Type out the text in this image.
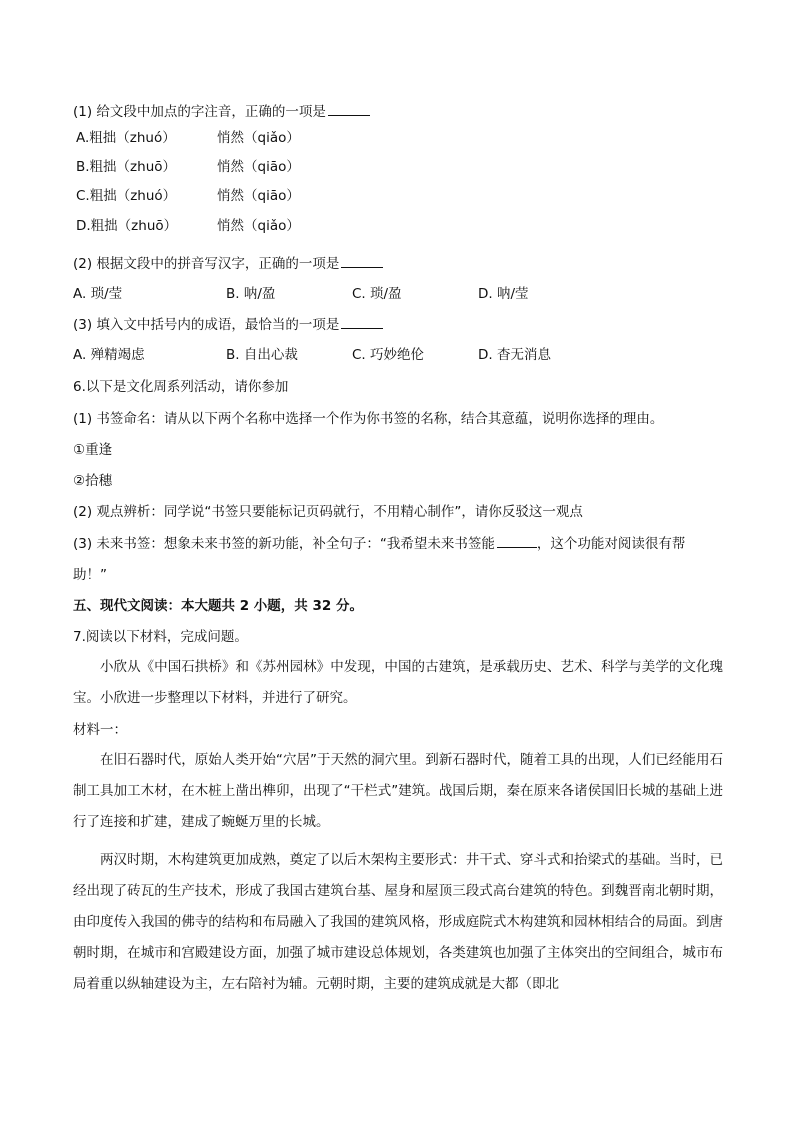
(1) 给文段中加点的字注音，正确的一项是
A.粗拙（zhuó）	悄然（qiǎo）
B.粗拙（zhuō）	悄然（qiāo）
C.粗拙（zhuó）	悄然（qiāo）
D.粗拙（zhuō）	悄然（qiǎo）
(2) 根据文段中的拼音写汉字，正确的一项是
A. 琐/莹	B. 呐/盈	C. 琐/盈	D. 呐/莹
(3) 填入文中括号内的成语，最恰当的一项是
A. 殚精竭虑	B. 自出心裁	C. 巧妙绝伦	D. 杳无消息
6.以下是文化周系列活动，请你参加
(1) 书签命名：请从以下两个名称中选择一个作为你书签的名称，结合其意蕴，说明你选择的理由。
①重逢
②拾穗
(2) 观点辨析：同学说“书签只要能标记页码就行，不用精心制作”，请你反驳这一观点
(3) 未来书签：想象未来书签的新功能，补全句子：“我希望未来书签能	，这个功能对阅读很有帮
助！”
五、现代文阅读：本大题共 2 小题，共 32 分。
7.阅读以下材料，完成问题。
小欣从《中国石拱桥》和《苏州园林》中发现，中国的古建筑，是承载历史、艺术、科学与美学的文化瑰宝。小欣进一步整理以下材料，并进行了研究。
材料一：
在旧石器时代，原始人类开始“穴居”于天然的洞穴里。到新石器时代，随着工具的出现，人们已经能用石制工具加工木材，在木桩上凿出榫卯，出现了“干栏式”建筑。战国后期，秦在原来各诸侯国旧长城的基础上进行了连接和扩建，建成了蜿蜒万里的长城。
两汉时期，木构建筑更加成熟，奠定了以后木架构主要形式：井干式、穿斗式和抬梁式的基础。当时，已经出现了砖瓦的生产技术，形成了我国古建筑台基、屋身和屋顶三段式高台建筑的特色。到魏晋南北朝时期，由印度传入我国的佛寺的结构和布局融入了我国的建筑风格，形成庭院式木构建筑和园林相结合的局面。到唐朝时期，在城市和宫殿建设方面，加强了城市建设总体规划，各类建筑也加强了主体突出的空间组合，城市布局着重以纵轴建设为主，左右陪衬为辅。元朝时期，主要的建筑成就是大都（即北
